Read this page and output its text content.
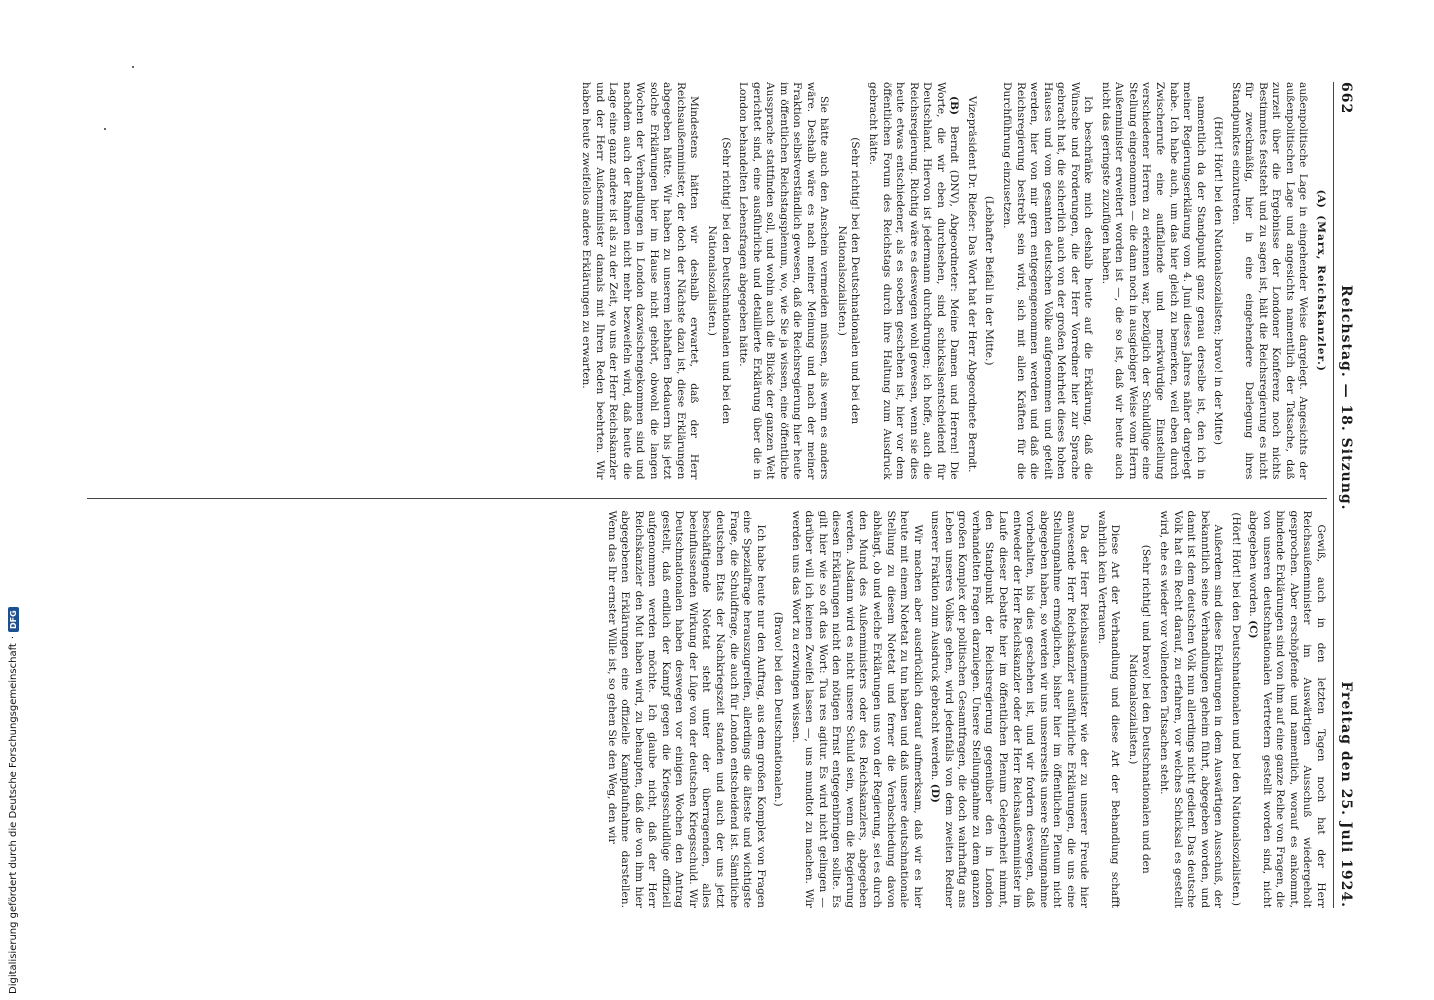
662
Reichstag. — 18. Sitzung.
Freitag den 25. Juli 1924.

(A) (Marx, Reichskanzler.)

außenpolitische Lage in eingehender Weise dargelegt. Angesichts der außenpolitischen Lage und angesichts namentlich der Tatsache, daß zurzeit über die Ergebnisse der Londoner Konferenz noch nichts Bestimmtes feststeht und zu sagen ist, hält die Reichsregierung es nicht für zweckmäßig, hier in eine eingehendere Darlegung ihres Standpunktes einzutreten.

(Hört! Hört! bei den Nationalsozialisten; bravo! in der Mitte)

namentlich da der Standpunkt ganz genau derselbe ist, den ich in meiner Regierungserklärung vom 4. Juni dieses Jahres näher dargelegt habe. Ich habe auch, um das hier gleich zu bemerken, weil eben durch Zwischenrufe eine auffallende und merkwürdige Einstellung verschiedener Herren zu erkennen war, bezüglich der Schuldlüge eine Stellung eingenommen — die dann noch in ausgiebiger Weise vom Herrn Außenminister erweitert worden ist —, die so ist, daß wir heute auch nicht das geringste zuzufügen haben.

Ich beschränke mich deshalb heute auf die Erklärung, daß die Wünsche und Forderungen, die der Herr Vorredner hier zur Sprache gebracht hat, die sicherlich auch von der großen Mehrheit dieses hohen Hauses und vom gesamten deutschen Volke aufgenommen und geteilt werden, hier von mir gern entgegengenommen werden und daß die Reichsregierung bestrebt sein wird, sich mit allen Kräften für die Durchführung einzusetzen.

(Lebhafter Beifall in der Mitte.)

Vizepräsident Dr. Rießer: Das Wort hat der Herr Abgeordnete Berndt.

(B) Berndt (DNV), Abgeordneter: Meine Damen und Herren! Die Worte, die wir eben durchsehen, sind schicksalsentscheidend für Deutschland. Hiervon ist jedermann durchdrungen; ich hoffe, auch die Reichsregierung. Richtig wäre es deswegen wohl gewesen, wenn sie dies heute etwas entschiedener, als es soeben geschehen ist, hier vor dem öffentlichen Forum des Reichstags durch ihre Haltung zum Ausdruck gebracht hätte.

(Sehr richtig! bei den Deutschnationalen und bei den Nationalsozialisten.)

Sie hätte auch den Anschein vermeiden müssen, als wenn es anders wäre. Deshalb wäre es nach meiner Meinung und nach der meiner Fraktion selbstverständlich gewesen, daß die Reichsregierung hier heute im öffentlichen Reichstagsplenum, wo, wie Sie ja wissen, eine öffentliche Aussprache stattfinden soll, und wohin auch die Blicke der ganzen Welt gerichtet sind, eine ausführliche und detaillierte Erklärung über die in London behandelten Lebensfragen abgegeben hätte.

(Sehr richtig! bei den Deutschnationalen und bei den Nationalsozialisten.)

Mindestens hätten wir deshalb erwartet, daß der Herr Reichsaußenminister, der doch der Nächste dazu ist, diese Erklärungen abgegeben hätte. Wir haben zu unserem lebhaften Bedauern bis jetzt solche Erklärungen hier im Hause nicht gehört, obwohl die langen Wochen der Verhandlungen in London dazwischengekommen sind und nachdem auch der Rahmen nicht mehr bezweifeln wird, daß heute die Lage eine ganz andere ist als zu der Zeit, wo uns der Herr Reichskanzler und der Herr Außenminister damals mit Ihren Reden beehrten. Wir haben heute zweifellos andere Erklärungen zu erwarten.

Gewiß, auch in den letzten Tagen noch hat der Herr Reichsaußenminister im Auswärtigen Ausschuß wiedergeholt gesprochen. Aber erschöpfende und namentlich, worauf es ankommt, bindende Erklärungen sind von ihm auf eine ganze Reihe von Fragen, die von unseren deutschnationalen Vertretern gestellt worden sind, nicht abgegeben worden. (C)

(Hört! Hört! bei den Deutschnationalen und bei den Nationalsozialisten.)

Außerdem sind diese Erklärungen in dem Auswärtigen Ausschuß, der bekanntlich seine Verhandlungen geheim führt, abgegeben worden, und damit ist dem deutschen Volk nun allerdings nicht gedient. Das deutsche Volk hat ein Recht darauf, zu erfahren, vor welches Schicksal es gestellt wird, ehe es wieder vor vollendeten Tatsachen steht.

(Sehr richtig! und bravo! bei den Deutschnationalen und den Nationalsozialisten.)

Diese Art der Verhandlung und diese Art der Behandlung schafft wahrlich kein Vertrauen.

Da der Herr Reichsaußenminister wie der zu unserer Freude hier anwesende Herr Reichskanzler ausführliche Erklärungen, die uns eine Stellungnahme ermöglichen, bisher hier im öffentlichen Plenum nicht abgegeben haben, so werden wir uns unsererseits unsere Stellungnahme vorbehalten, bis dies geschehen ist, und wir fordern deswegen, daß entweder der Herr Reichskanzler oder der Herr Reichsaußenminister im Laufe dieser Debatte hier im öffentlichen Plenum Gelegenheit nimmt, den Standpunkt der Reichsregierung gegenüber den in London verhandelten Fragen darzulegen. Unsere Stellungnahme zu dem ganzen großen Komplex der politischen Gesamtfragen, die doch wahrhaftig ans Leben unseres Volkes gehen, wird jedenfalls von dem zweiten Redner unserer Fraktion zum Ausdruck gebracht werden. (D)

Wir machen aber ausdrücklich darauf aufmerksam, daß wir es hier heute mit einem Notetat zu tun haben und daß unsere deutschnationale Stellung zu diesem Notetat und ferner die Verabschiedung davon abhängt, ob und welche Erklärungen uns von der Regierung, sei es durch den Mund des Außenministers oder des Reichskanzlers, abgegeben werden. Alsdann wird es nicht unsere Schuld sein, wenn die Regierung diesen Erklärungen nicht den nötigen Ernst entgegenbringen sollte. Es gilt hier wie so oft das Wort: Tua res agitur. Es wird nicht gelingen — darüber will ich keinen Zweifel lassen —, uns mundtot zu machen. Wir werden uns das Wort zu erzwingen wissen.

(Bravo! bei den Deutschnationalen.)

Ich habe heute nur den Auftrag, aus dem großen Komplex von Fragen eine Spezialfrage herauszugreifen, allerdings die älteste und wichtigste Frage, die Schuldfrage, die auch für London entscheidend ist. Sämtliche deutschen Etats der Nachkriegszeit standen und auch der uns jetzt beschäftigende Notetat steht unter der überragenden, alles beeinflussenden Wirkung der Lüge von der deutschen Kriegsschuld. Wir Deutschnationalen haben deswegen vor einigen Wochen den Antrag gestellt, daß endlich der Kampf gegen die Kriegsschuldlüge offiziell aufgenommen werden möchte. Ich glaube nicht, daß der Herr Reichskanzler den Mut haben wird, zu behaupten, daß die von ihm hier abgegebenen Erklärungen eine offizielle Kampfaufnahme darstellen. Wenn das Ihr ernster Wille ist, so gehen Sie den Weg, den wir

Digitalisierung gefördert durch die Deutsche Forschungsgemeinschaft
·
DFG
